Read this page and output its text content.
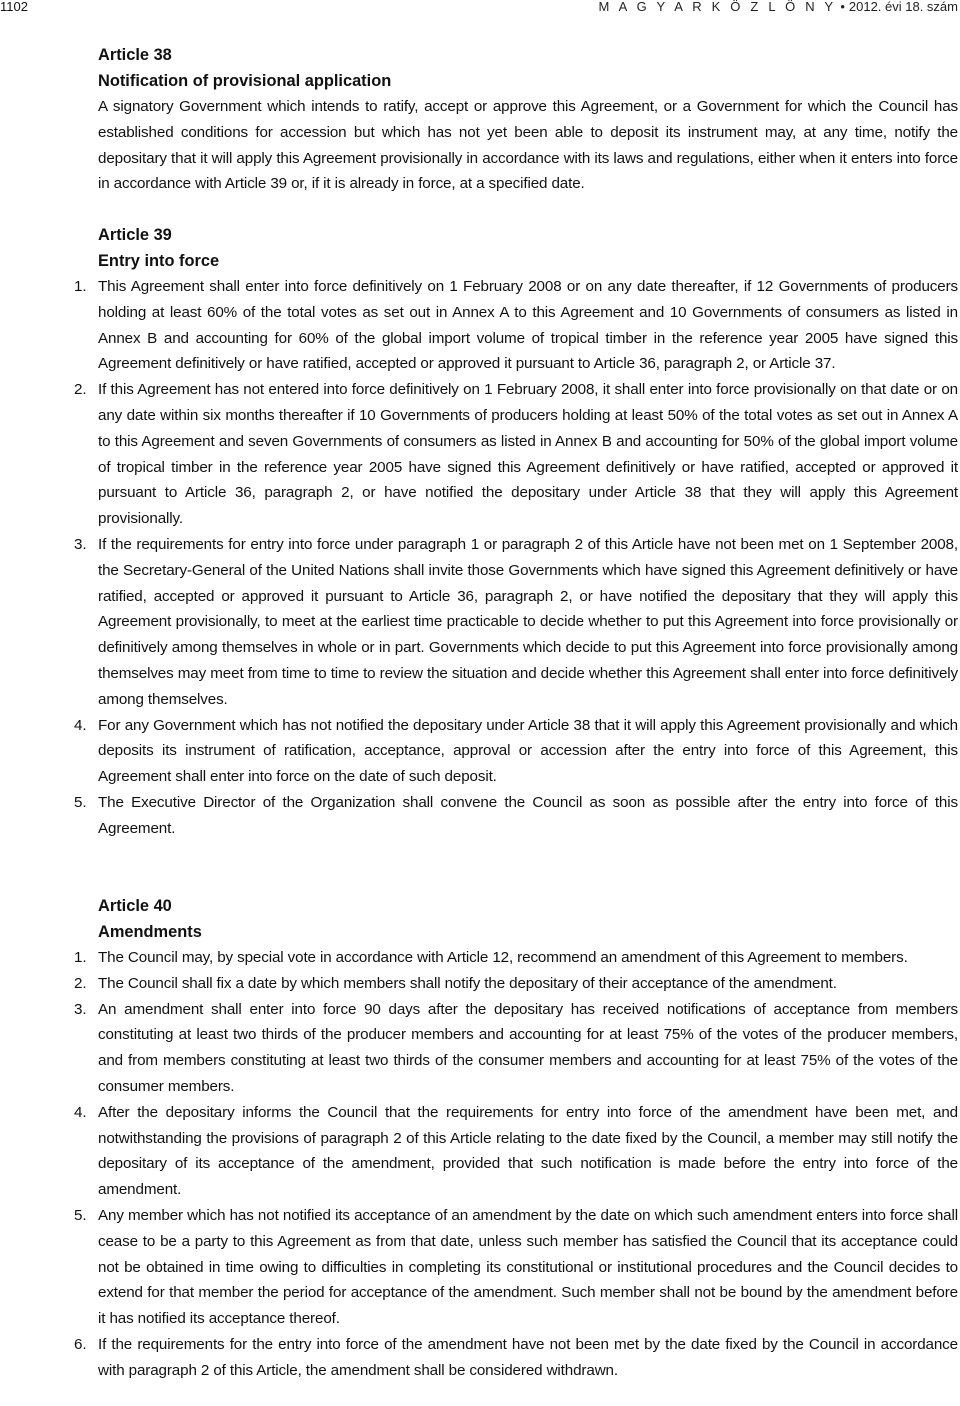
1102	M A G Y A R K Ö Z L Ö N Y • 2012. évi 18. szám
Article 38
Notification of provisional application

A signatory Government which intends to ratify, accept or approve this Agreement, or a Government for which the Council has established conditions for accession but which has not yet been able to deposit its instrument may, at any time, notify the depositary that it will apply this Agreement provisionally in accordance with its laws and regulations, either when it enters into force in accordance with Article 39 or, if it is already in force, at a specified date.

Article 39
Entry into force
1. This Agreement shall enter into force definitively on 1 February 2008 or on any date thereafter, if 12 Governments of producers holding at least 60% of the total votes as set out in Annex A to this Agreement and 10 Governments of consumers as listed in Annex B and accounting for 60% of the global import volume of tropical timber in the reference year 2005 have signed this Agreement definitively or have ratified, accepted or approved it pursuant to Article 36, paragraph 2, or Article 37.
2. If this Agreement has not entered into force definitively on 1 February 2008, it shall enter into force provisionally on that date or on any date within six months thereafter if 10 Governments of producers holding at least 50% of the total votes as set out in Annex A to this Agreement and seven Governments of consumers as listed in Annex B and accounting for 50% of the global import volume of tropical timber in the reference year 2005 have signed this Agreement definitively or have ratified, accepted or approved it pursuant to Article 36, paragraph 2, or have notified the depositary under Article 38 that they will apply this Agreement provisionally.
3. If the requirements for entry into force under paragraph 1 or paragraph 2 of this Article have not been met on 1 September 2008, the Secretary-General of the United Nations shall invite those Governments which have signed this Agreement definitively or have ratified, accepted or approved it pursuant to Article 36, paragraph 2, or have notified the depositary that they will apply this Agreement provisionally, to meet at the earliest time practicable to decide whether to put this Agreement into force provisionally or definitively among themselves in whole or in part. Governments which decide to put this Agreement into force provisionally among themselves may meet from time to time to review the situation and decide whether this Agreement shall enter into force definitively among themselves.
4. For any Government which has not notified the depositary under Article 38 that it will apply this Agreement provisionally and which deposits its instrument of ratification, acceptance, approval or accession after the entry into force of this Agreement, this Agreement shall enter into force on the date of such deposit.
5. The Executive Director of the Organization shall convene the Council as soon as possible after the entry into force of this Agreement.
Article 40
Amendments
1. The Council may, by special vote in accordance with Article 12, recommend an amendment of this Agreement to members.
2. The Council shall fix a date by which members shall notify the depositary of their acceptance of the amendment.
3. An amendment shall enter into force 90 days after the depositary has received notifications of acceptance from members constituting at least two thirds of the producer members and accounting for at least 75% of the votes of the producer members, and from members constituting at least two thirds of the consumer members and accounting for at least 75% of the votes of the consumer members.
4. After the depositary informs the Council that the requirements for entry into force of the amendment have been met, and notwithstanding the provisions of paragraph 2 of this Article relating to the date fixed by the Council, a member may still notify the depositary of its acceptance of the amendment, provided that such notification is made before the entry into force of the amendment.
5. Any member which has not notified its acceptance of an amendment by the date on which such amendment enters into force shall cease to be a party to this Agreement as from that date, unless such member has satisfied the Council that its acceptance could not be obtained in time owing to difficulties in completing its constitutional or institutional procedures and the Council decides to extend for that member the period for acceptance of the amendment. Such member shall not be bound by the amendment before it has notified its acceptance thereof.
6. If the requirements for the entry into force of the amendment have not been met by the date fixed by the Council in accordance with paragraph 2 of this Article, the amendment shall be considered withdrawn.
